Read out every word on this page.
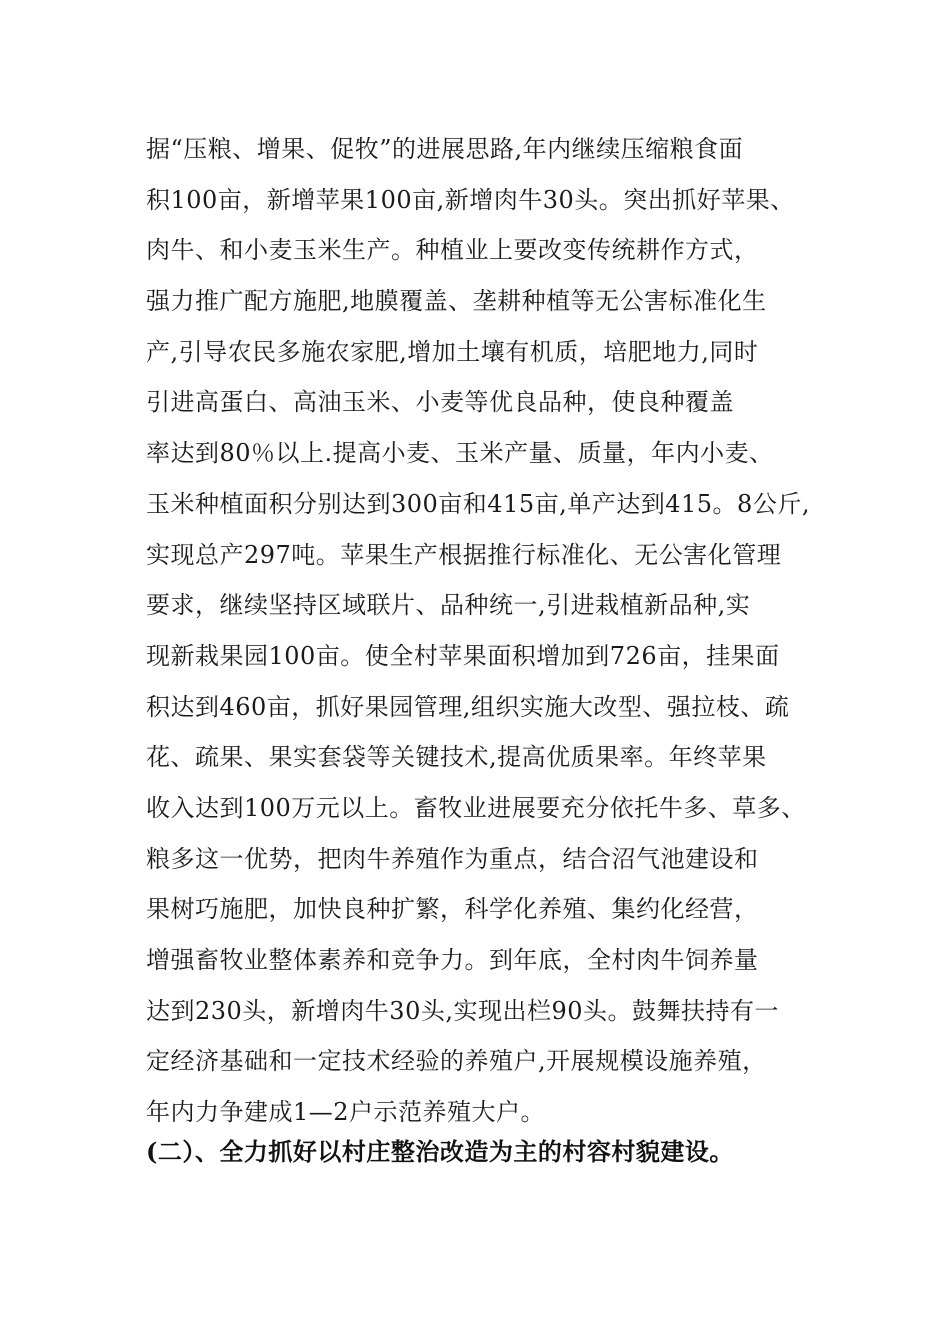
据“压粮、增果、促牧”的进展思路,年内继续压缩粮食面
积100亩，新增苹果100亩,新增肉牛30头。突出抓好苹果、
肉牛、和小麦玉米生产。种植业上要改变传统耕作方式，
强力推广配方施肥,地膜覆盖、垄耕种植等无公害标准化生
产,引导农民多施农家肥,增加土壤有机质，培肥地力,同时
引进高蛋白、高油玉米、小麦等优良品种，使良种覆盖
率达到80％以上.提高小麦、玉米产量、质量，年内小麦、
玉米种植面积分别达到300亩和415亩,单产达到415。8公斤,
实现总产297吨。苹果生产根据推行标准化、无公害化管理
要求，继续坚持区域联片、品种统一,引进栽植新品种,实
现新栽果园100亩。使全村苹果面积增加到726亩，挂果面
积达到460亩，抓好果园管理,组织实施大改型、强拉枝、疏
花、疏果、果实套袋等关键技术,提高优质果率。年终苹果
收入达到100万元以上。畜牧业进展要充分依托牛多、草多、
粮多这一优势，把肉牛养殖作为重点，结合沼气池建设和
果树巧施肥，加快良种扩繁，科学化养殖、集约化经营，
增强畜牧业整体素养和竞争力。到年底，全村肉牛饲养量
达到230头，新增肉牛30头,实现出栏90头。鼓舞扶持有一
定经济基础和一定技术经验的养殖户,开展规模设施养殖，
年内力争建成1—2户示范养殖大户。
(二）、全力抓好以村庄整治改造为主的村容村貌建设。
